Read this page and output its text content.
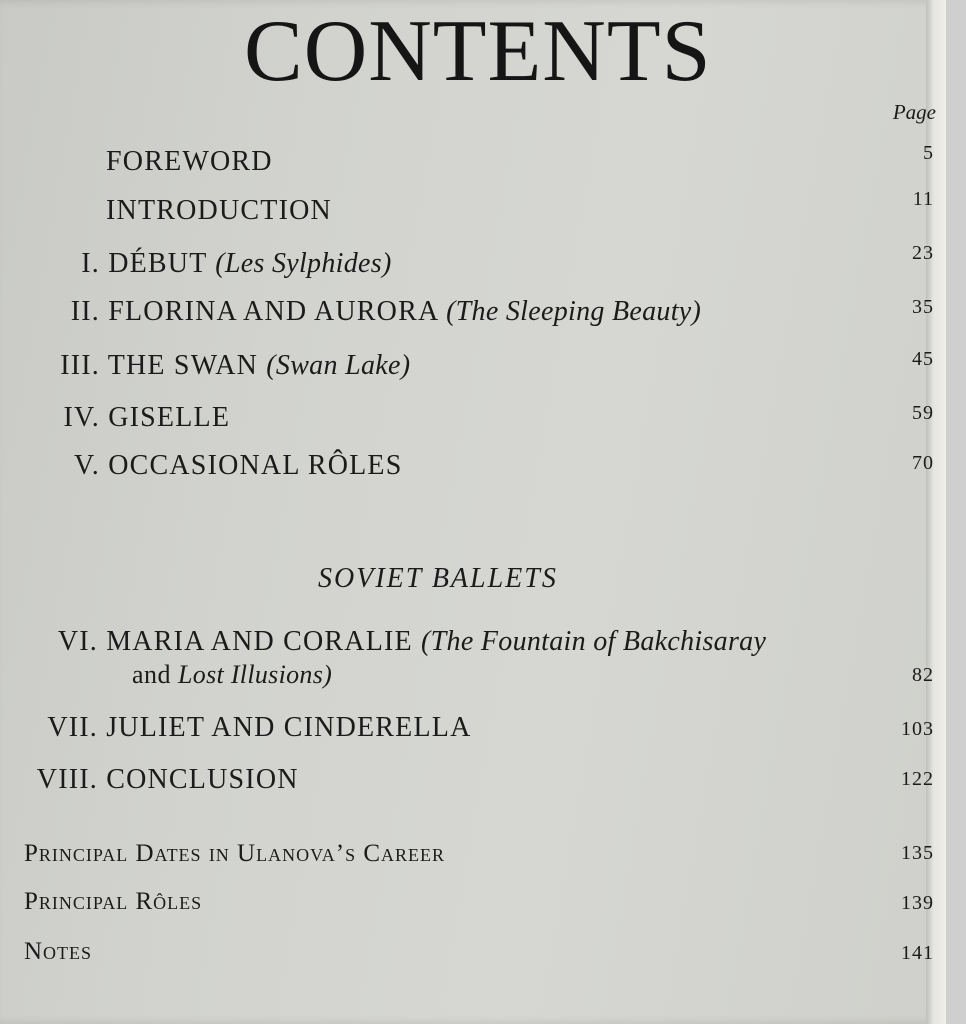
CONTENTS
Page
FOREWORD	5
INTRODUCTION	11
I. DÉBUT (Les Sylphides)	23
II. FLORINA AND AURORA (The Sleeping Beauty)	35
III. THE SWAN (Swan Lake)	45
IV. GISELLE	59
V. OCCASIONAL RÔLES	70
SOVIET BALLETS
VI. MARIA AND CORALIE (The Fountain of Bakchisaray
and Lost Illusions)	82
VII. JULIET AND CINDERELLA	103
VIII. CONCLUSION	122
Principal Dates in Ulanova’s Career	135
Principal Rôles	139
Notes	141
